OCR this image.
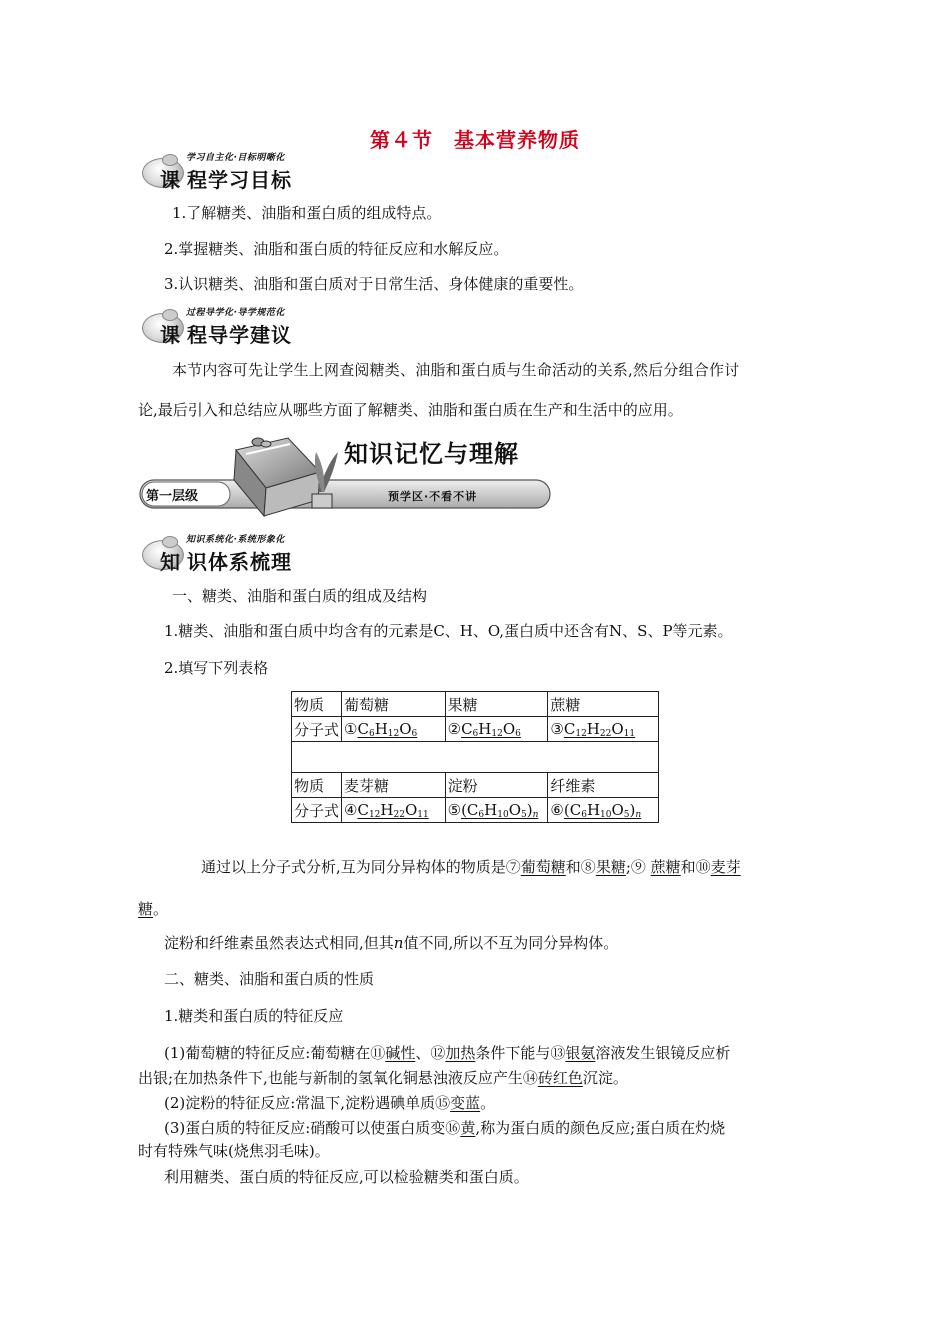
第４节　基本营养物质
学习自主化·目标明晰化
课 程学习目标
1.了解糖类、油脂和蛋白质的组成特点。
2.掌握糖类、油脂和蛋白质的特征反应和水解反应。
3.认识糖类、油脂和蛋白质对于日常生活、身体健康的重要性。
过程导学化·导学规范化
课 程导学建议
本节内容可先让学生上网查阅糖类、油脂和蛋白质与生命活动的关系,然后分组合作讨
论,最后引入和总结应从哪些方面了解糖类、油脂和蛋白质在生产和生活中的应用。
第一层级
知识记忆与理解
预学区·不看不讲
知识系统化·系统形象化
知 识体系梳理
一、糖类、油脂和蛋白质的组成及结构
1.糖类、油脂和蛋白质中均含有的元素是C、H、O,蛋白质中还含有N、S、P等元素。
2.填写下列表格
物质	葡萄糖	果糖	蔗糖
分子式	$①C_6H_{12}O_6$	$②C_6H_{12}O_6$	$③C_{12}H_{22}O_{11}$

物质	麦芽糖	淀粉	纤维素
分子式	$④C_{12}H_{22}O_{11}$	$⑤(C_6H_{10}O_5)_n$	$⑥(C_6H_{10}O_5)_n$
通过以上分子式分析,互为同分异构体的物质是⑦葡萄糖和⑧果糖;⑨ 蔗糖和⑩麦芽
糖。
淀粉和纤维素虽然表达式相同,但其n值不同,所以不互为同分异构体。
二、糖类、油脂和蛋白质的性质
1.糖类和蛋白质的特征反应
(1)葡萄糖的特征反应:葡萄糖在⑪碱性、⑫加热条件下能与⑬银氨溶液发生银镜反应析
出银;在加热条件下,也能与新制的氢氧化铜悬浊液反应产生⑭砖红色沉淀。
(2)淀粉的特征反应:常温下,淀粉遇碘单质⑮变蓝。
(3)蛋白质的特征反应:硝酸可以使蛋白质变⑯黄,称为蛋白质的颜色反应;蛋白质在灼烧
时有特殊气味(烧焦羽毛味)。
利用糖类、蛋白质的特征反应,可以检验糖类和蛋白质。
